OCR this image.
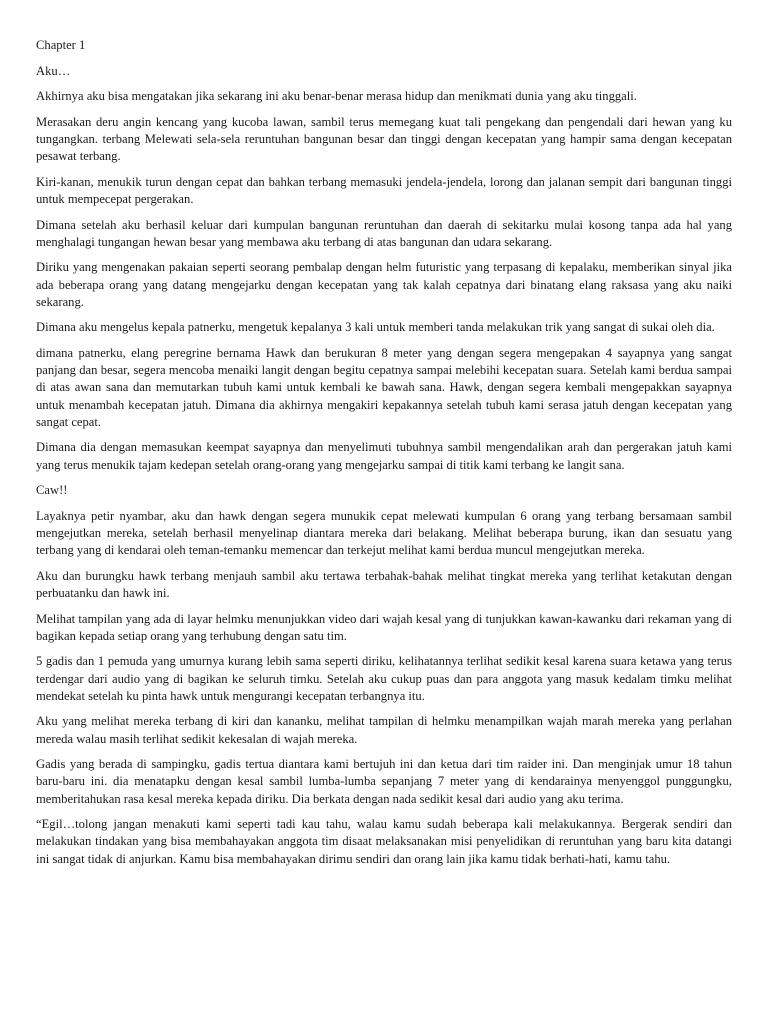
Chapter 1

Aku…

Akhirnya aku bisa mengatakan jika sekarang ini aku benar-benar merasa hidup dan menikmati dunia yang aku tinggali.

Merasakan deru angin kencang yang kucoba lawan, sambil terus memegang kuat tali pengekang dan pengendali dari hewan yang ku tungangkan. terbang Melewati sela-sela reruntuhan bangunan besar dan tinggi dengan kecepatan yang hampir sama dengan kecepatan pesawat terbang.

Kiri-kanan, menukik turun dengan cepat dan bahkan terbang memasuki jendela-jendela, lorong dan jalanan sempit dari bangunan tinggi untuk mempecepat pergerakan.

Dimana setelah aku berhasil keluar dari kumpulan bangunan reruntuhan dan daerah di sekitarku mulai kosong tanpa ada hal yang menghalagi tungangan hewan besar yang membawa aku terbang di atas bangunan dan udara sekarang.

Diriku yang mengenakan pakaian seperti seorang pembalap dengan helm futuristic yang terpasang di kepalaku, memberikan sinyal jika ada beberapa orang yang datang mengejarku dengan kecepatan yang tak kalah cepatnya dari binatang elang raksasa yang aku naiki sekarang.

Dimana aku mengelus kepala patnerku, mengetuk kepalanya 3 kali untuk memberi tanda melakukan trik yang sangat di sukai oleh dia.

dimana patnerku, elang peregrine bernama Hawk dan berukuran 8 meter yang dengan segera mengepakan 4 sayapnya yang sangat panjang dan besar, segera mencoba menaiki langit dengan begitu cepatnya sampai melebihi kecepatan suara. Setelah kami berdua sampai di atas awan sana dan memutarkan tubuh kami untuk kembali ke bawah sana. Hawk, dengan segera kembali mengepakkan sayapnya untuk menambah kecepatan jatuh. Dimana dia akhirnya mengakiri kepakannya setelah tubuh kami serasa jatuh dengan kecepatan yang sangat cepat.

Dimana dia dengan memasukan keempat sayapnya dan menyelimuti tubuhnya sambil mengendalikan arah dan pergerakan jatuh kami yang terus menukik tajam kedepan setelah orang-orang yang mengejarku sampai di titik kami terbang ke langit sana.

Caw!!

Layaknya petir nyambar, aku dan hawk dengan segera munukik cepat melewati kumpulan 6 orang yang terbang bersamaan sambil mengejutkan mereka, setelah berhasil menyelinap diantara mereka dari belakang. Melihat beberapa burung, ikan dan sesuatu yang terbang yang di kendarai oleh teman-temanku memencar dan terkejut melihat kami berdua muncul mengejutkan mereka.

Aku dan burungku hawk terbang menjauh sambil aku tertawa terbahak-bahak melihat tingkat mereka yang terlihat ketakutan dengan perbuatanku dan hawk ini.

Melihat tampilan yang ada di layar helmku menunjukkan video dari wajah kesal yang di tunjukkan kawan-kawanku dari rekaman yang di bagikan kepada setiap orang yang terhubung dengan satu tim.

5 gadis dan 1 pemuda yang umurnya kurang lebih sama seperti diriku, kelihatannya terlihat sedikit kesal karena suara ketawa yang terus terdengar dari audio yang di bagikan ke seluruh timku. Setelah aku cukup puas dan para anggota yang masuk kedalam timku melihat mendekat setelah ku pinta hawk untuk mengurangi kecepatan terbangnya itu.

Aku yang melihat mereka terbang di kiri dan kananku, melihat tampilan di helmku menampilkan wajah marah mereka yang perlahan mereda walau masih terlihat sedikit kekesalan di wajah mereka.

Gadis yang berada di sampingku, gadis tertua diantara kami bertujuh ini dan ketua dari tim raider ini. Dan menginjak umur 18 tahun baru-baru ini. dia menatapku dengan kesal sambil lumba-lumba sepanjang 7 meter yang di kendarainya menyenggol punggungku, memberitahukan rasa kesal mereka kepada diriku. Dia berkata dengan nada sedikit kesal dari audio yang aku terima.

“Egil…tolong jangan menakuti kami seperti tadi kau tahu, walau kamu sudah beberapa kali melakukannya. Bergerak sendiri dan melakukan tindakan yang bisa membahayakan anggota tim disaat melaksanakan misi penyelidikan di reruntuhan yang baru kita datangi ini sangat tidak di anjurkan. Kamu bisa membahayakan dirimu sendiri dan orang lain jika kamu tidak berhati-hati, kamu tahu.
